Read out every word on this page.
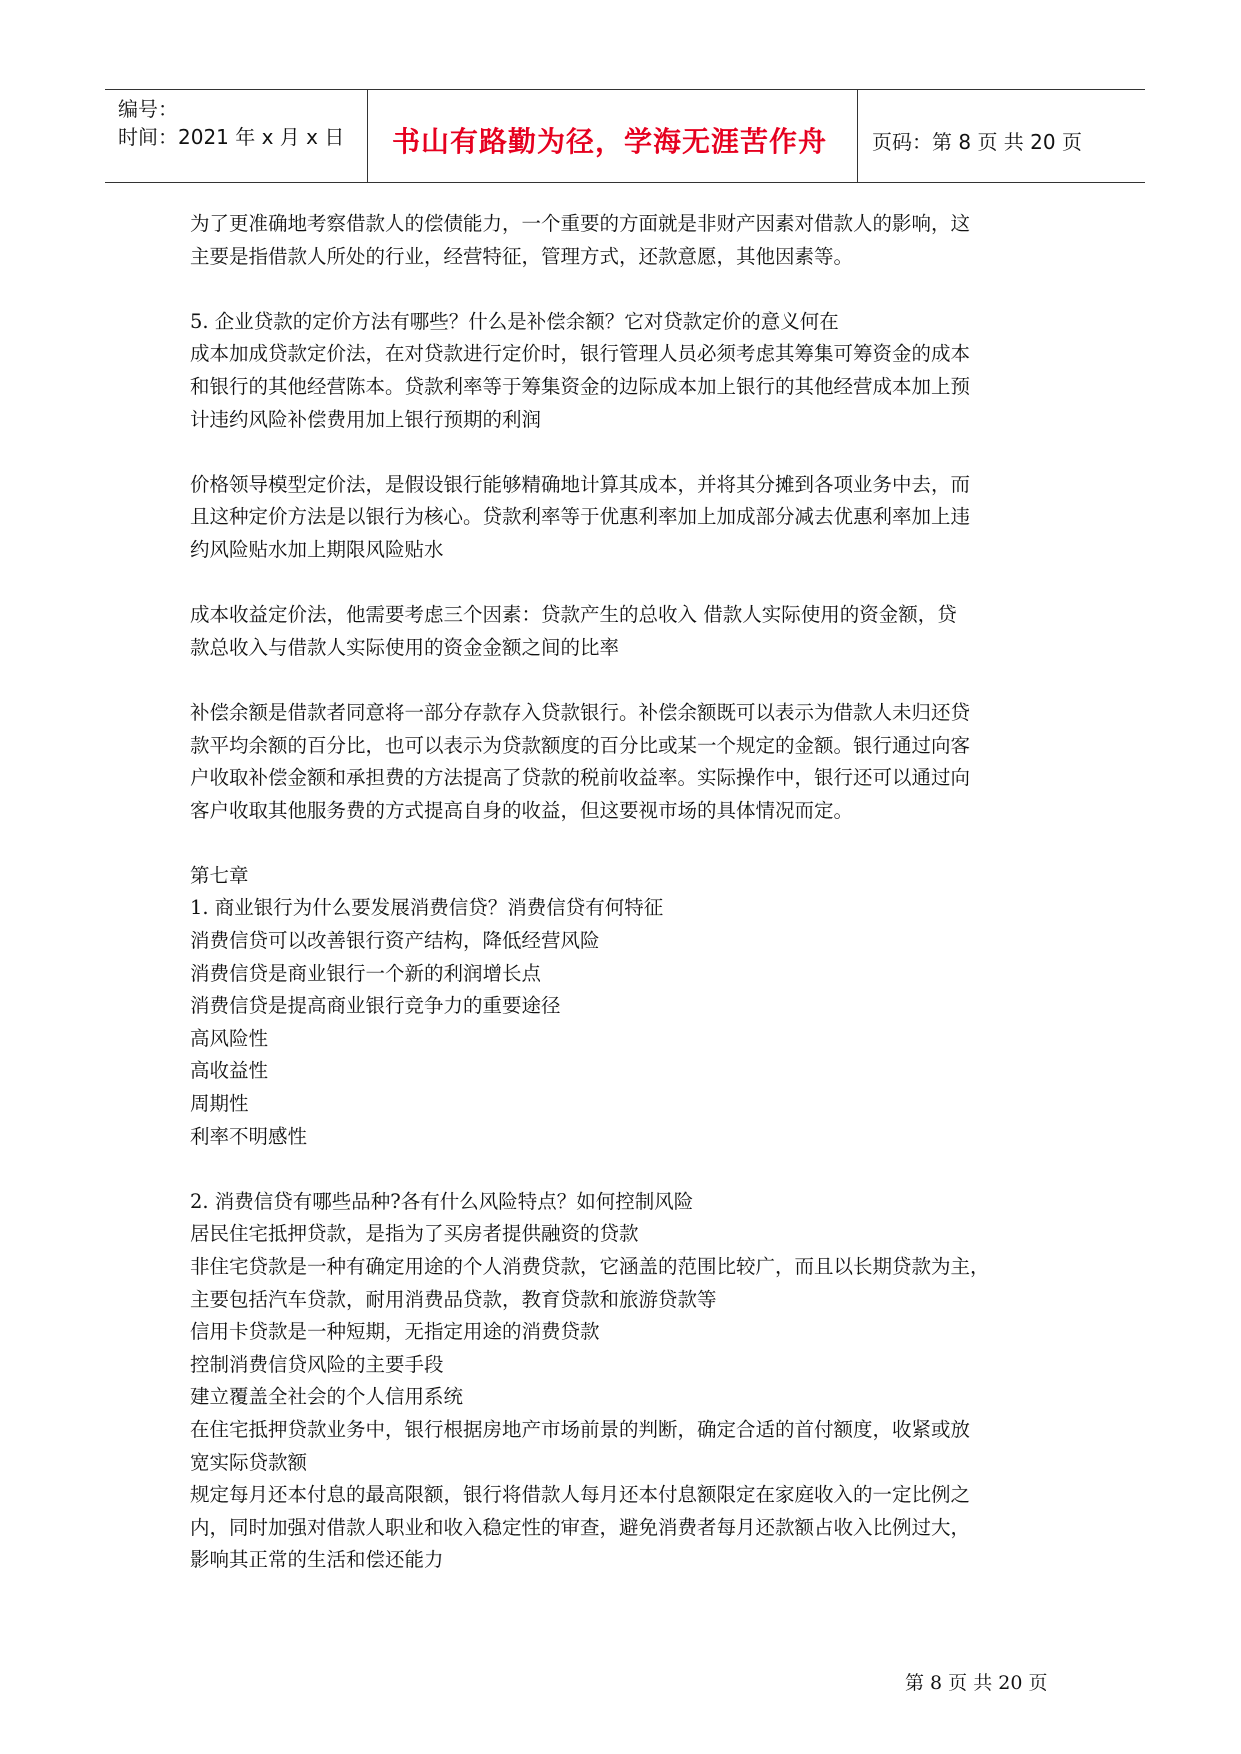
编号：
时间：2021 年 x 月 x 日 书山有路勤为径，学海无涯苦作舟 页码：第 8 页 共 20 页

为了更准确地考察借款人的偿债能力，一个重要的方面就是非财产因素对借款人的影响，这

主要是指借款人所处的行业，经营特征，管理方式，还款意愿，其他因素等。

5. 企业贷款的定价方法有哪些？什么是补偿余额？它对贷款定价的意义何在

成本加成贷款定价法，在对贷款进行定价时，银行管理人员必须考虑其筹集可筹资金的成本

和银行的其他经营陈本。贷款利率等于筹集资金的边际成本加上银行的其他经营成本加上预

计违约风险补偿费用加上银行预期的利润

价格领导模型定价法，是假设银行能够精确地计算其成本，并将其分摊到各项业务中去，而

且这种定价方法是以银行为核心。贷款利率等于优惠利率加上加成部分减去优惠利率加上违

约风险贴水加上期限风险贴水

成本收益定价法，他需要考虑三个因素：贷款产生的总收入 借款人实际使用的资金额，贷

款总收入与借款人实际使用的资金金额之间的比率

补偿余额是借款者同意将一部分存款存入贷款银行。补偿余额既可以表示为借款人未归还贷

款平均余额的百分比，也可以表示为贷款额度的百分比或某一个规定的金额。银行通过向客

户收取补偿金额和承担费的方法提高了贷款的税前收益率。实际操作中，银行还可以通过向

客户收取其他服务费的方式提高自身的收益，但这要视市场的具体情况而定。

第七章

1. 商业银行为什么要发展消费信贷？消费信贷有何特征

消费信贷可以改善银行资产结构，降低经营风险

消费信贷是商业银行一个新的利润增长点

消费信贷是提高商业银行竞争力的重要途径

高风险性

高收益性

周期性

利率不明感性

2. 消费信贷有哪些品种?各有什么风险特点？如何控制风险

居民住宅抵押贷款，是指为了买房者提供融资的贷款

非住宅贷款是一种有确定用途的个人消费贷款，它涵盖的范围比较广，而且以长期贷款为主，

主要包括汽车贷款，耐用消费品贷款，教育贷款和旅游贷款等

信用卡贷款是一种短期，无指定用途的消费贷款

控制消费信贷风险的主要手段

建立覆盖全社会的个人信用系统

在住宅抵押贷款业务中，银行根据房地产市场前景的判断，确定合适的首付额度，收紧或放

宽实际贷款额

规定每月还本付息的最高限额，银行将借款人每月还本付息额限定在家庭收入的一定比例之

内，同时加强对借款人职业和收入稳定性的审查，避免消费者每月还款额占收入比例过大，

影响其正常的生活和偿还能力

第 8 页 共 20 页
